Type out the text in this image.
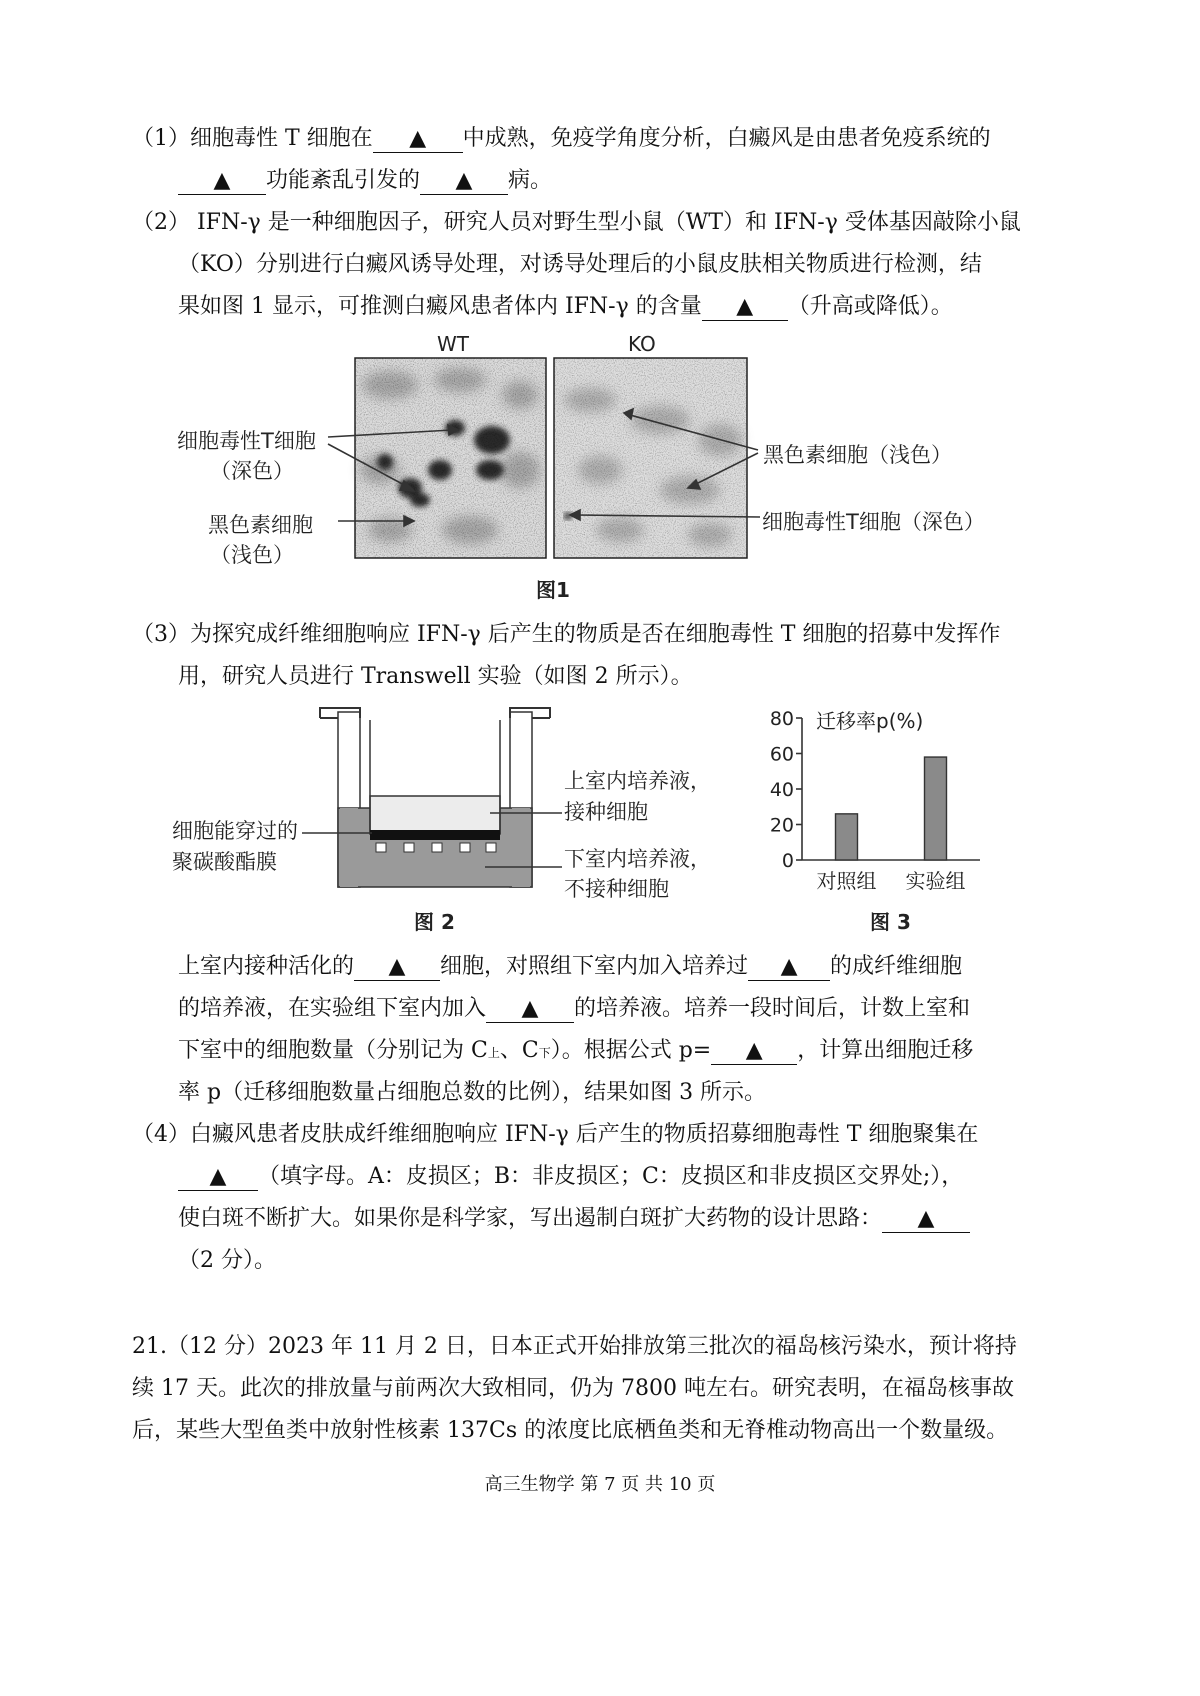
（1）细胞毒性 T 细胞在 ▲ 中成熟，免疫学角度分析，白癜风是由患者免疫系统的
▲ 功能紊乱引发的 ▲ 病。
（2） IFN-γ 是一种细胞因子，研究人员对野生型小鼠（WT）和 IFN-γ 受体基因敲除小鼠
（KO）分别进行白癜风诱导处理，对诱导处理后的小鼠皮肤相关物质进行检测，结
果如图 1 显示，可推测白癜风患者体内 IFN-γ 的含量 ▲ （升高或降低）。
WT	KO
细胞毒性T细胞
（深色）
黑色素细胞
（浅色）
黑色素细胞（浅色）
细胞毒性T细胞（深色）
图1
（3）为探究成纤维细胞响应 IFN-γ 后产生的物质是否在细胞毒性 T 细胞的招募中发挥作
用，研究人员进行 Transwell 实验（如图 2 所示）。
细胞能穿过的
聚碳酸酯膜
上室内培养液，
接种细胞
下室内培养液，
不接种细胞
图 2
0
20
40
60
80
对照组 实验组
迁移率p(%)
图 3
上室内接种活化的 ▲ 细胞，对照组下室内加入培养过 ▲ 的成纤维细胞
的培养液，在实验组下室内加入 ▲ 的培养液。培养一段时间后，计数上室和
下室中的细胞数量（分别记为 C上、C下）。根据公式 p= ▲ ，计算出细胞迁移
率 p（迁移细胞数量占细胞总数的比例），结果如图 3 所示。
（4）白癜风患者皮肤成纤维细胞响应 IFN-γ 后产生的物质招募细胞毒性 T 细胞聚集在
▲ （填字母。A：皮损区；B：非皮损区；C：皮损区和非皮损区交界处;），
使白斑不断扩大。如果你是科学家，写出遏制白斑扩大药物的设计思路： ▲
（2 分）。
21.（12 分）2023 年 11 月 2 日，日本正式开始排放第三批次的福岛核污染水，预计将持
续 17 天。此次的排放量与前两次大致相同，仍为 7800 吨左右。研究表明，在福岛核事故
后，某些大型鱼类中放射性核素 137Cs 的浓度比底栖鱼类和无脊椎动物高出一个数量级。
高三生物学 第 7 页 共 10 页
